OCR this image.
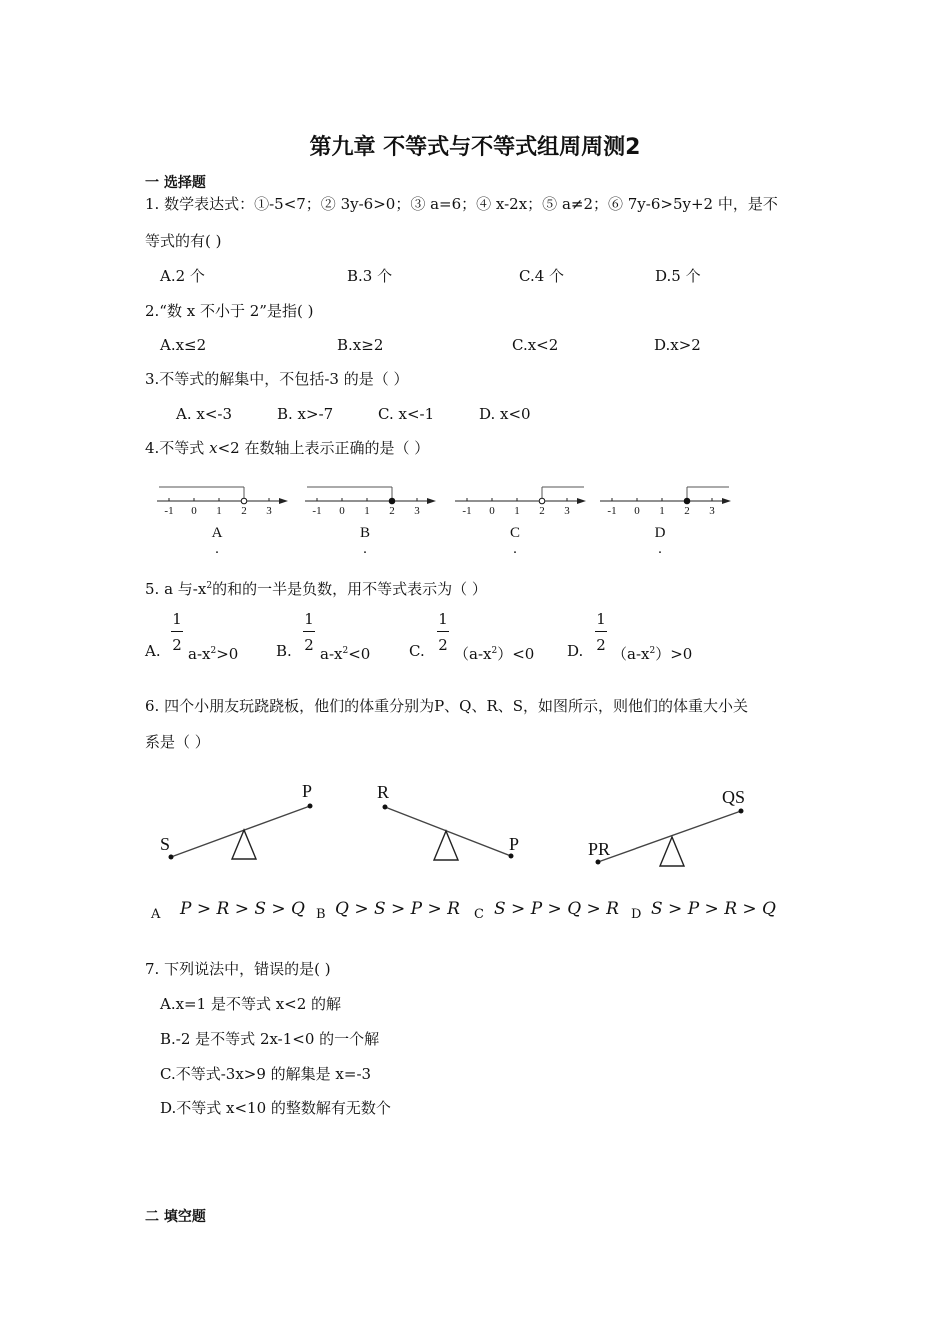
第九章 不等式与不等式组周周测2
一 选择题
1. 数学表达式：①-5<7；② 3y-6>0；③ a=6；④ x-2x；⑤ a≠2；⑥ 7y-6>5y+2 中，是不
等式的有( )
A.2 个	B.3 个	C.4 个	D.5 个
2.“数 x 不小于 2”是指( )
A.x≤2	B.x≥2	C.x<2	D.x>2
3.不等式的解集中，不包括-3 的是（ ）
A. x<-3	B. x>-7	C. x<-1	D. x<0
4.不等式 x<2 在数轴上表示正确的是（ ）
-1 0 1 2 3
A
.
-1 0 1 2 3
B
.
-1 0 1 2 3
C
.
-1 0 1 2 3
D
.
5. a 与$-x^2$的和的一半是负数，用不等式表示为（ ）
A.
1
2 $a-x^2>0$	B.
1
2 $a-x^2<0$	C.
1
2 $(a-x^2)<0$ D.
1
2 $(a-x^2)>0$
6. 四个小朋友玩跷跷板，他们的体重分别为P、Q、R、S，如图所示，则他们的体重大小关
系是（ ）
S
P	R
P	PR
QS
A P > R > S > Q B Q > S > P > R C S > P > Q > R D S > P > R > Q
7. 下列说法中，错误的是( )
A.x=1 是不等式 x<2 的解
B.-2 是不等式 2x-1<0 的一个解
C.不等式-3x>9 的解集是 x=-3
D.不等式 x<10 的整数解有无数个
二 填空题
